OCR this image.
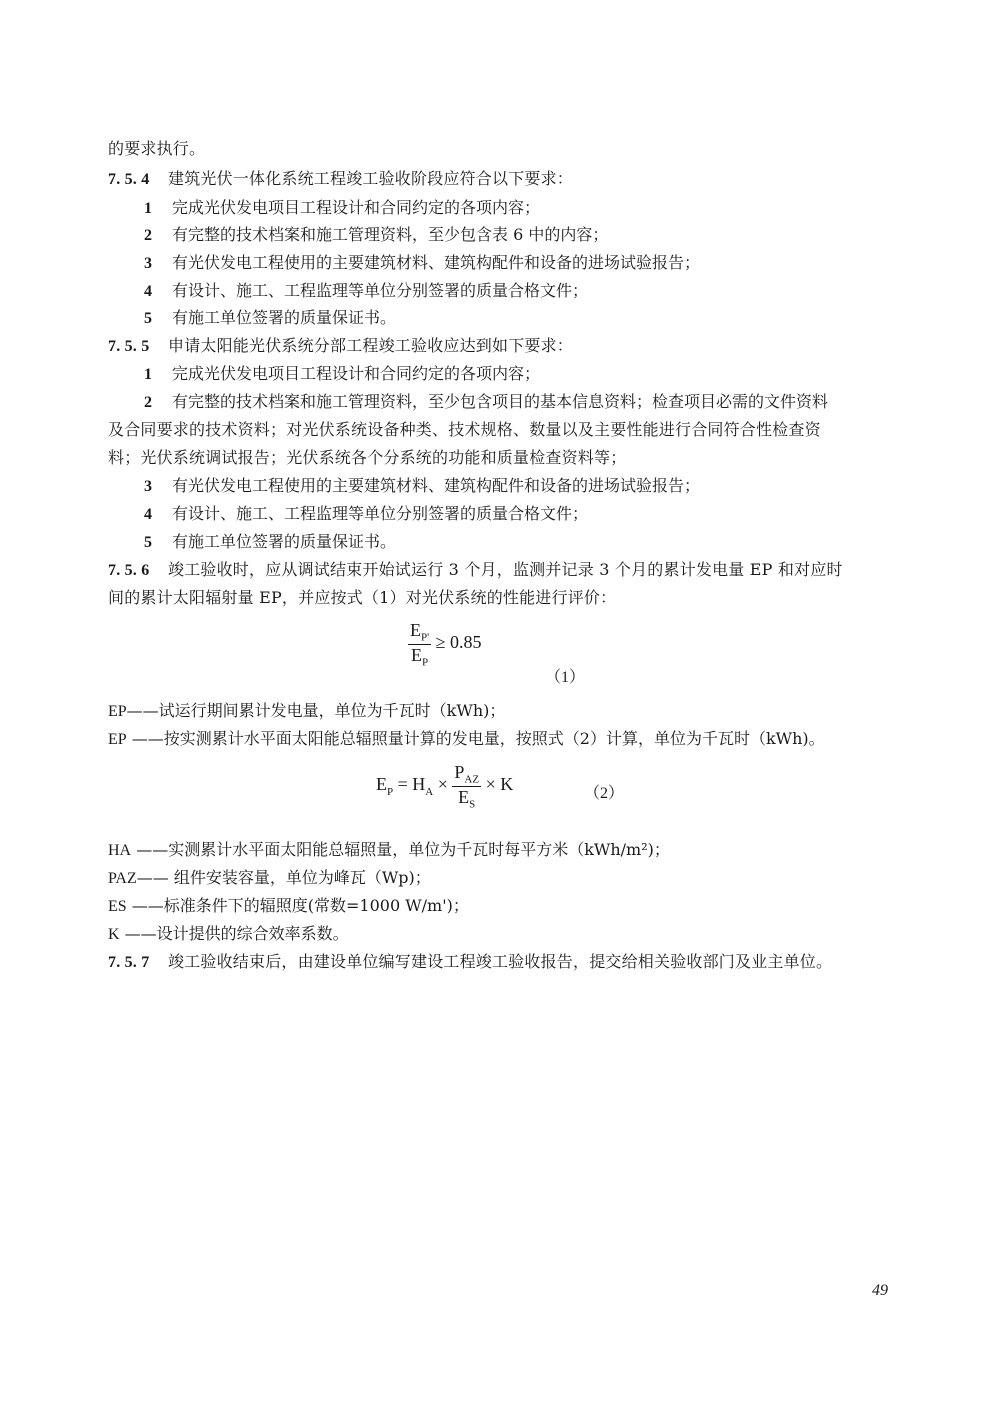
的要求执行。
7. 5. 4 建筑光伏一体化系统工程竣工验收阶段应符合以下要求：
1 完成光伏发电项目工程设计和合同约定的各项内容；
2 有完整的技术档案和施工管理资料，至少包含表 6 中的内容；
3 有光伏发电工程使用的主要建筑材料、建筑构配件和设备的进场试验报告；
4 有设计、施工、工程监理等单位分别签署的质量合格文件；
5 有施工单位签署的质量保证书。
7. 5. 5 申请太阳能光伏系统分部工程竣工验收应达到如下要求：
1 完成光伏发电项目工程设计和合同约定的各项内容；
2 有完整的技术档案和施工管理资料，至少包含项目的基本信息资料；检查项目必需的文件资料
及合同要求的技术资料；对光伏系统设备种类、技术规格、数量以及主要性能进行合同符合性检查资
料；光伏系统调试报告；光伏系统各个分系统的功能和质量检查资料等；
3 有光伏发电工程使用的主要建筑材料、建筑构配件和设备的进场试验报告；
4 有设计、施工、工程监理等单位分别签署的质量合格文件；
5 有施工单位签署的质量保证书。
7. 5. 6 竣工验收时，应从调试结束开始试运行 3 个月，监测并记录 3 个月的累计发电量 EP 和对应时
间的累计太阳辐射量 EP，并应按式（1）对光伏系统的性能进行评价：
$\frac{E_{P'}}{E_P} \ge 0.85$
（1）
EP——试运行期间累计发电量，单位为千瓦时（kWh)；
EP ——按实测累计水平面太阳能总辐照量计算的发电量，按照式（2）计算，单位为千瓦时（kWh)。
$E_P = H_A \times \frac{P_{AZ}}{E_S} \times K$	（2）
HA ——实测累计水平面太阳能总辐照量，单位为千瓦时每平方米（kWh/m²)；
PAZ—— 组件安装容量，单位为峰瓦（Wp)；
ES ——标准条件下的辐照度(常数=1000 W/m')；
K ——设计提供的综合效率系数。
7. 5. 7 竣工验收结束后，由建设单位编写建设工程竣工验收报告，提交给相关验收部门及业主单位。
49
